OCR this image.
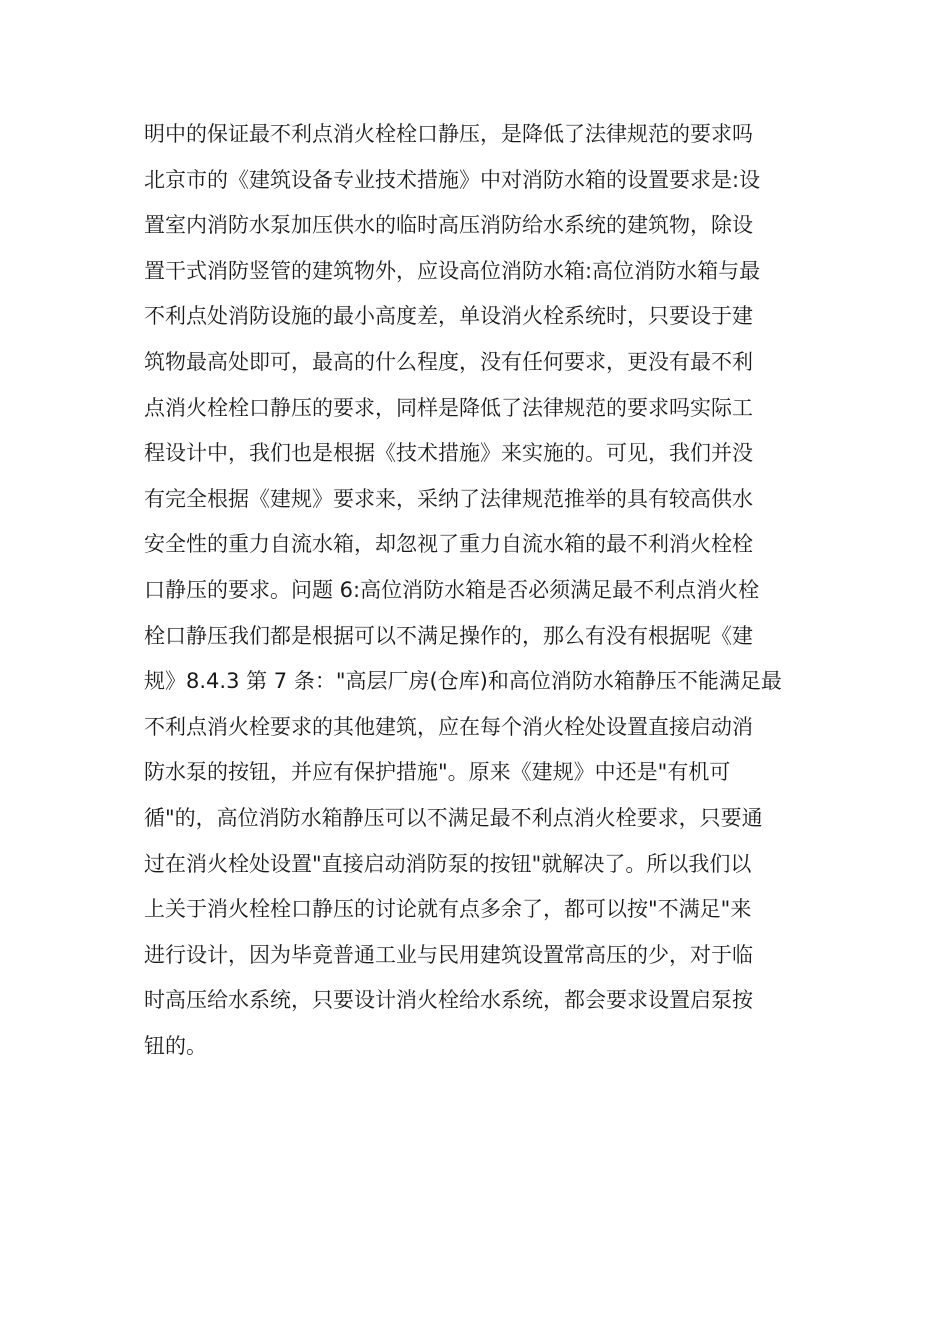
明中的保证最不利点消火栓栓口静压，是降低了法律规范的要求吗
北京市的《建筑设备专业技术措施》中对消防水箱的设置要求是:设
置室内消防水泵加压供水的临时高压消防给水系统的建筑物，除设
置干式消防竖管的建筑物外，应设高位消防水箱:高位消防水箱与最
不利点处消防设施的最小高度差，单设消火栓系统时，只要设于建
筑物最高处即可，最高的什么程度，没有任何要求，更没有最不利
点消火栓栓口静压的要求，同样是降低了法律规范的要求吗实际工
程设计中，我们也是根据《技术措施》来实施的。可见，我们并没
有完全根据《建规》要求来，采纳了法律规范推举的具有较高供水
安全性的重力自流水箱，却忽视了重力自流水箱的最不利消火栓栓
口静压的要求。问题 6:高位消防水箱是否必须满足最不利点消火栓
栓口静压我们都是根据可以不满足操作的，那么有没有根据呢《建
规》8.4.3 第 7 条："高层厂房(仓库)和高位消防水箱静压不能满足最
不利点消火栓要求的其他建筑，应在每个消火栓处设置直接启动消
防水泵的按钮，并应有保护措施"。原来《建规》中还是"有机可
循"的，高位消防水箱静压可以不满足最不利点消火栓要求，只要通
过在消火栓处设置"直接启动消防泵的按钮"就解决了。所以我们以
上关于消火栓栓口静压的讨论就有点多余了，都可以按"不满足"来
进行设计，因为毕竟普通工业与民用建筑设置常高压的少，对于临
时高压给水系统，只要设计消火栓给水系统，都会要求设置启泵按
钮的。
